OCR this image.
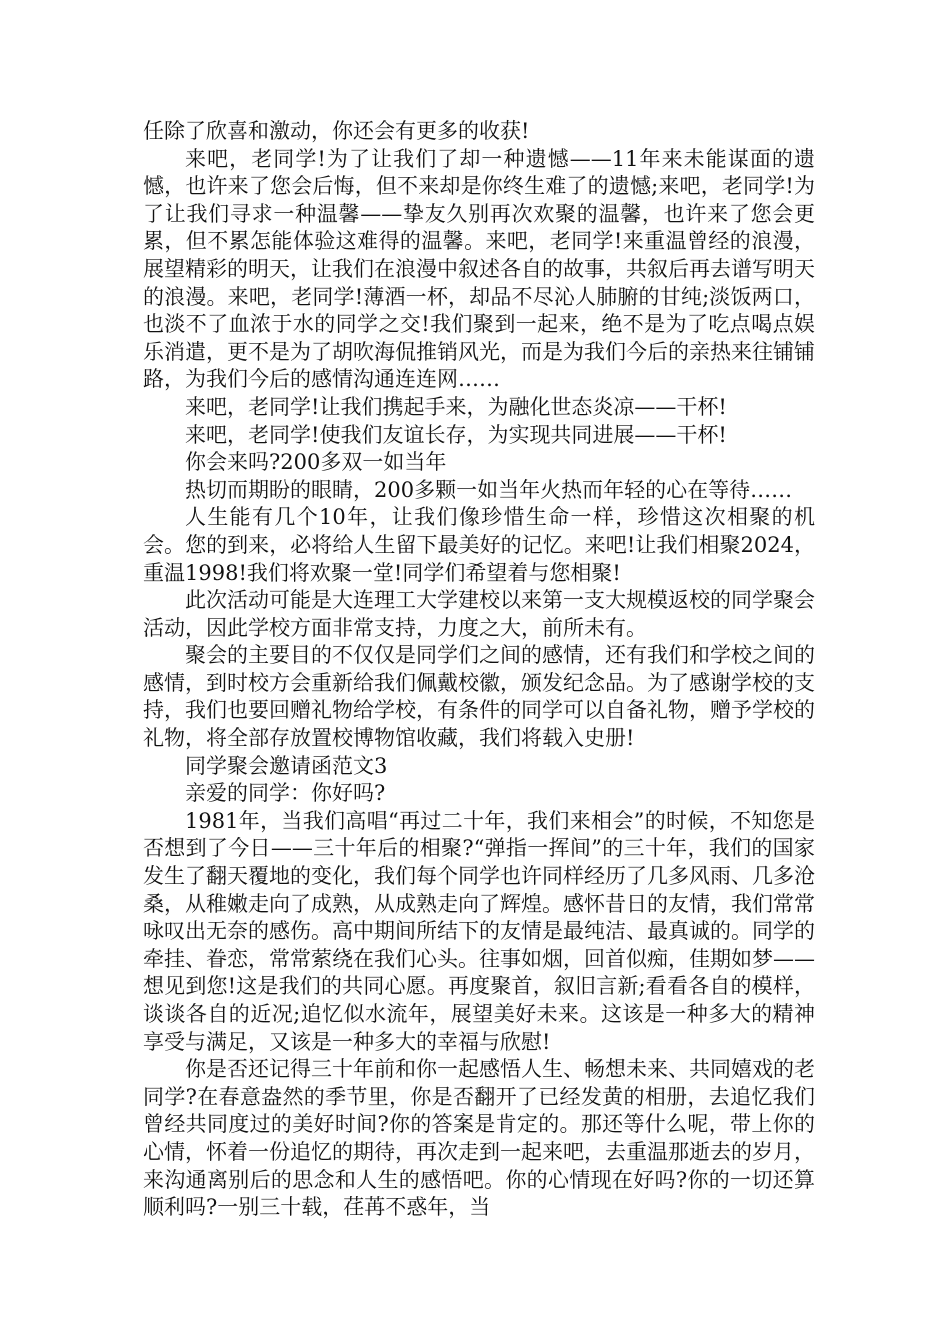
任除了欣喜和激动，你还会有更多的收获!

来吧，老同学!为了让我们了却一种遗憾——11年来未能谋面的遗憾，也许来了您会后悔，但不来却是你终生难了的遗憾;来吧，老同学!为了让我们寻求一种温馨——挚友久别再次欢聚的温馨，也许来了您会更累，但不累怎能体验这难得的温馨。来吧，老同学!来重温曾经的浪漫，展望精彩的明天，让我们在浪漫中叙述各自的故事，共叙后再去谱写明天的浪漫。来吧，老同学!薄酒一杯，却品不尽沁人肺腑的甘纯;淡饭两口，也淡不了血浓于水的同学之交!我们聚到一起来，绝不是为了吃点喝点娱乐消遣，更不是为了胡吹海侃推销风光，而是为我们今后的亲热来往铺铺路，为我们今后的感情沟通连连网……

来吧，老同学!让我们携起手来，为融化世态炎凉——干杯!

来吧，老同学!使我们友谊长存，为实现共同进展——干杯!

你会来吗?200多双一如当年

热切而期盼的眼睛，200多颗一如当年火热而年轻的心在等待……

人生能有几个10年，让我们像珍惜生命一样，珍惜这次相聚的机会。您的到来，必将给人生留下最美好的记忆。来吧!让我们相聚2024，重温1998!我们将欢聚一堂!同学们希望着与您相聚!

此次活动可能是大连理工大学建校以来第一支大规模返校的同学聚会活动，因此学校方面非常支持，力度之大，前所未有。

聚会的主要目的不仅仅是同学们之间的感情，还有我们和学校之间的感情，到时校方会重新给我们佩戴校徽，颁发纪念品。为了感谢学校的支持，我们也要回赠礼物给学校，有条件的同学可以自备礼物，赠予学校的礼物，将全部存放置校博物馆收藏，我们将载入史册!

同学聚会邀请函范文3

亲爱的同学：你好吗?

1981年，当我们高唱“再过二十年，我们来相会”的时候，不知您是否想到了今日——三十年后的相聚?“弹指一挥间”的三十年，我们的国家发生了翻天覆地的变化，我们每个同学也许同样经历了几多风雨、几多沧桑，从稚嫩走向了成熟，从成熟走向了辉煌。感怀昔日的友情，我们常常咏叹出无奈的感伤。高中期间所结下的友情是最纯洁、最真诚的。同学的牵挂、眷恋，常常萦绕在我们心头。往事如烟，回首似痴，佳期如梦——想见到您!这是我们的共同心愿。再度聚首，叙旧言新;看看各自的模样，谈谈各自的近况;追忆似水流年，展望美好未来。这该是一种多大的精神享受与满足，又该是一种多大的幸福与欣慰!

你是否还记得三十年前和你一起感悟人生、畅想未来、共同嬉戏的老同学?在春意盎然的季节里，你是否翻开了已经发黄的相册，去追忆我们曾经共同度过的美好时间?你的答案是肯定的。那还等什么呢，带上你的心情，怀着一份追忆的期待，再次走到一起来吧，去重温那逝去的岁月，来沟通离别后的思念和人生的感悟吧。你的心情现在好吗?你的一切还算顺利吗?一别三十载，荏苒不惑年，当
